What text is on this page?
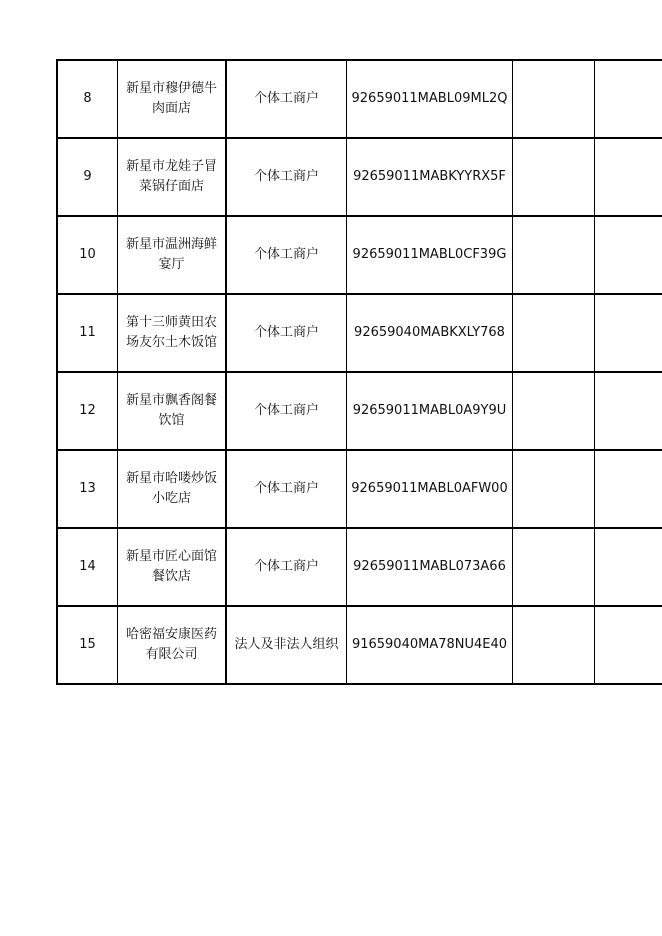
8	新星市穆伊德牛肉面店	个体工商户	92659011MABL09ML2Q		
9	新星市龙娃子冒菜锅仔面店	个体工商户	92659011MABKYYRX5F		
10	新星市温洲海鲜宴厅	个体工商户	92659011MABL0CF39G		
11	第十三师黄田农场友尔土木饭馆	个体工商户	92659040MABKXLY768		
12	新星市飘香阁餐饮馆	个体工商户	92659011MABL0A9Y9U		
13	新星市哈喽炒饭小吃店	个体工商户	92659011MABL0AFW00		
14	新星市匠心面馆餐饮店	个体工商户	92659011MABL073A66		
15	哈密福安康医药有限公司	法人及非法人组织	91659040MA78NU4E40		
